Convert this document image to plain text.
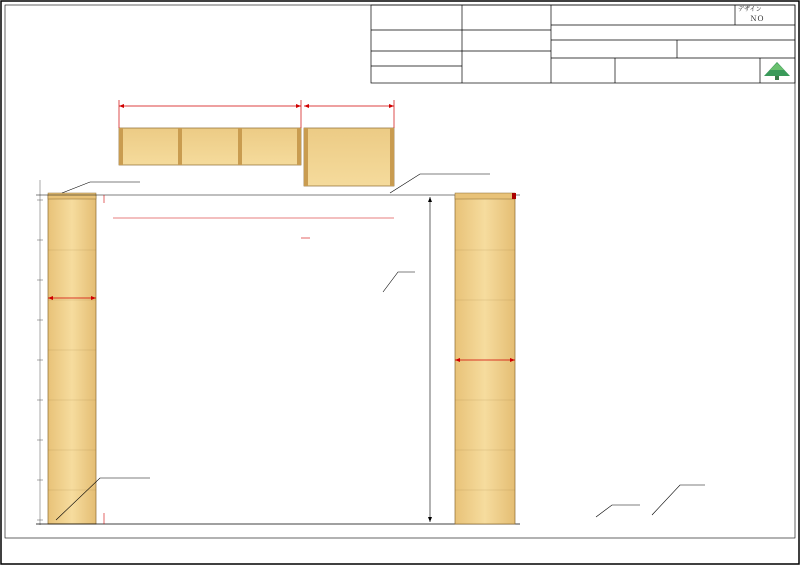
デザイン
ＮＯ
